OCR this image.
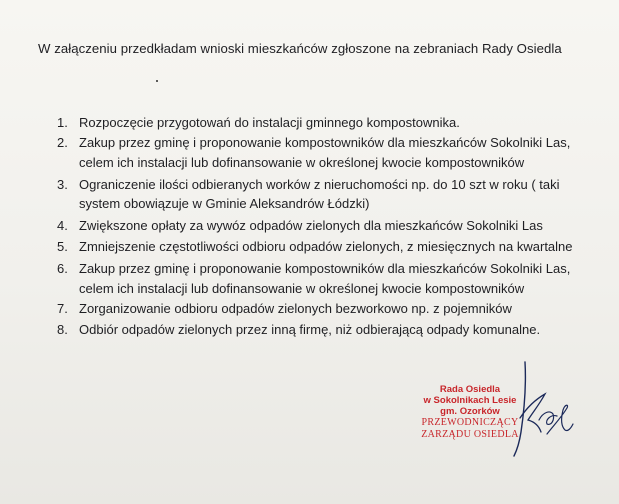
W załączeniu przedkładam wnioski mieszkańców zgłoszone na zebraniach Rady Osiedla
1. Rozpoczęcie przygotowań do instalacji gminnego kompostownika.
2. Zakup przez gminę i proponowanie kompostowników dla mieszkańców Sokolniki Las,
celem ich instalacji lub dofinansowanie w określonej kwocie kompostowników
3. Ograniczenie ilości odbieranych worków z nieruchomości np. do 10 szt w roku ( taki
system obowiązuje w Gminie Aleksandrów Łódzki)
4. Zwiększone opłaty za wywóz odpadów zielonych dla mieszkańców Sokolniki Las
5. Zmniejszenie częstotliwości odbioru odpadów zielonych, z miesięcznych na kwartalne
6. Zakup przez gminę i proponowanie kompostowników dla mieszkańców Sokolniki Las,
celem ich instalacji lub dofinansowanie w określonej kwocie kompostowników
7. Zorganizowanie odbioru odpadów zielonych bezworkowo np. z pojemników
8. Odbiór odpadów zielonych przez inną firmę, niż odbierającą odpady komunalne.
Rada Osiedla
w Sokolnikach Lesie
gm. Ozorków
PRZEWODNICZĄCY
ZARZĄDU OSIEDLA
